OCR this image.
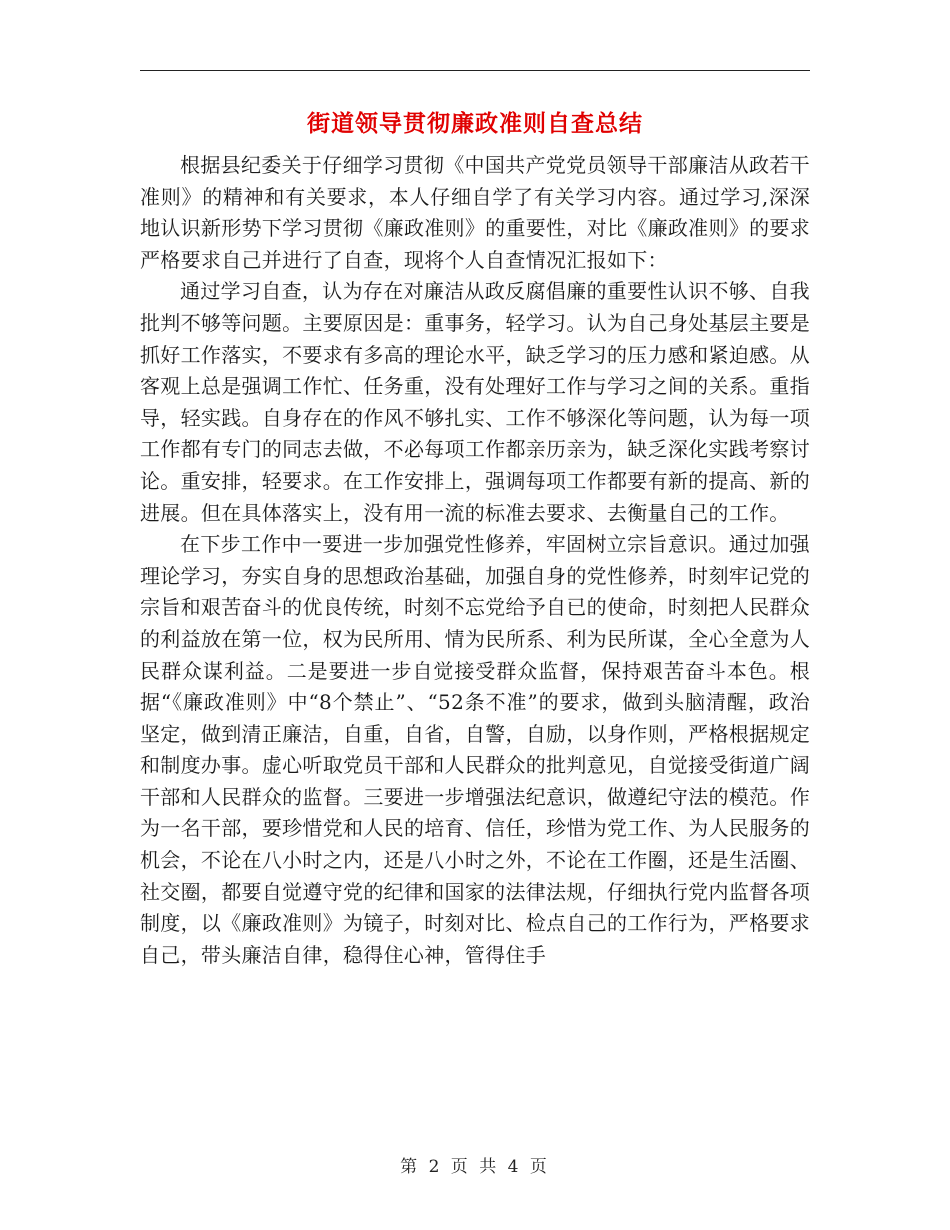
街道领导贯彻廉政准则自查总结

根据县纪委关于仔细学习贯彻《中国共产党党员领导干部廉洁从政若干准则》的精神和有关要求，本人仔细自学了有关学习内容。通过学习,深深地认识新形势下学习贯彻《廉政准则》的重要性，对比《廉政准则》的要求严格要求自己并进行了自查，现将个人自查情况汇报如下：

通过学习自查，认为存在对廉洁从政反腐倡廉的重要性认识不够、自我批判不够等问题。主要原因是：重事务，轻学习。认为自己身处基层主要是抓好工作落实，不要求有多高的理论水平，缺乏学习的压力感和紧迫感。从客观上总是强调工作忙、任务重，没有处理好工作与学习之间的关系。重指导，轻实践。自身存在的作风不够扎实、工作不够深化等问题，认为每一项工作都有专门的同志去做，不必每项工作都亲历亲为，缺乏深化实践考察讨论。重安排，轻要求。在工作安排上，强调每项工作都要有新的提高、新的进展。但在具体落实上，没有用一流的标准去要求、去衡量自己的工作。

在下步工作中一要进一步加强党性修养，牢固树立宗旨意识。通过加强理论学习，夯实自身的思想政治基础，加强自身的党性修养，时刻牢记党的宗旨和艰苦奋斗的优良传统，时刻不忘党给予自已的使命，时刻把人民群众的利益放在第一位，权为民所用、情为民所系、利为民所谋，全心全意为人民群众谋利益。二是要进一步自觉接受群众监督，保持艰苦奋斗本色。根据“《廉政准则》中“8个禁止”、“52条不准”的要求，做到头脑清醒，政治坚定，做到清正廉洁，自重，自省，自警，自励，以身作则，严格根据规定和制度办事。虚心听取党员干部和人民群众的批判意见，自觉接受街道广阔干部和人民群众的监督。三要进一步增强法纪意识，做遵纪守法的模范。作为一名干部，要珍惜党和人民的培育、信任，珍惜为党工作、为人民服务的机会，不论在八小时之内，还是八小时之外，不论在工作圈，还是生活圈、社交圈，都要自觉遵守党的纪律和国家的法律法规，仔细执行党内监督各项制度，以《廉政准则》为镜子，时刻对比、检点自己的工作行为，严格要求自己，带头廉洁自律，稳得住心神，管得住手

第 2 页 共 4 页
